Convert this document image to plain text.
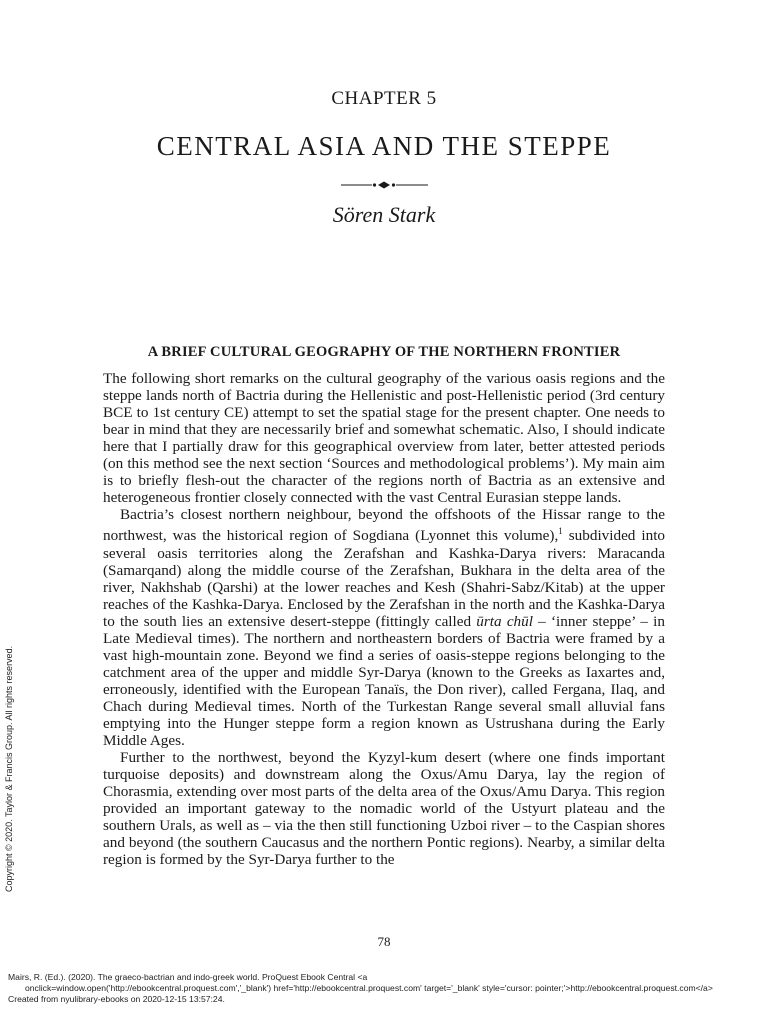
CHAPTER 5
CENTRAL ASIA AND THE STEPPE
Sören Stark
A BRIEF CULTURAL GEOGRAPHY OF THE NORTHERN FRONTIER

The following short remarks on the cultural geography of the various oasis regions and the steppe lands north of Bactria during the Hellenistic and post-Hellenistic period (3rd century BCE to 1st century CE) attempt to set the spatial stage for the present chapter. One needs to bear in mind that they are necessarily brief and somewhat schematic. Also, I should indicate here that I partially draw for this geographical overview from later, better attested periods (on this method see the next section ‘Sources and methodological problems’). My main aim is to briefly flesh-out the character of the regions north of Bactria as an extensive and heterogeneous frontier closely connected with the vast Central Eurasian steppe lands.

Bactria’s closest northern neighbour, beyond the offshoots of the Hissar range to the northwest, was the historical region of Sogdiana (Lyonnet this volume),$^1$ subdivided into several oasis territories along the Zerafshan and Kashka-Darya rivers: Maracanda (Samarqand) along the middle course of the Zerafshan, Bukhara in the delta area of the river, Nakhshab (Qarshi) at the lower reaches and Kesh (Shahri-Sabz/Kitab) at the upper reaches of the Kashka-Darya. Enclosed by the Zerafshan in the north and the Kashka-Darya to the south lies an extensive desert-steppe (fittingly called ūrta chūl – ‘inner steppe’ – in Late Medieval times). The northern and northeastern borders of Bactria were framed by a vast high-mountain zone. Beyond we find a series of oasis-steppe regions belonging to the catchment area of the upper and middle Syr-Darya (known to the Greeks as Iaxartes and, erroneously, identified with the European Tanaïs, the Don river), called Fergana, Ilaq, and Chach during Medieval times. North of the Turkestan Range several small alluvial fans emptying into the Hunger steppe form a region known as Ustrushana during the Early Middle Ages.

Further to the northwest, beyond the Kyzyl-kum desert (where one finds important turquoise deposits) and downstream along the Oxus/Amu Darya, lay the region of Chorasmia, extending over most parts of the delta area of the Oxus/Amu Darya. This region provided an important gateway to the nomadic world of the Ustyurt plateau and the southern Urals, as well as – via the then still functioning Uzboi river – to the Caspian shores and beyond (the southern Caucasus and the northern Pontic regions). Nearby, a similar delta region is formed by the Syr-Darya further to the

78
Copyright © 2020. Taylor & Francis Group. All rights reserved.
Mairs, R. (Ed.). (2020). The graeco-bactrian and indo-greek world. ProQuest Ebook Central <a
onclick=window.open('http://ebookcentral.proquest.com','_blank') href='http://ebookcentral.proquest.com' target='_blank' style='cursor: pointer;'>http://ebookcentral.proquest.com</a>
Created from nyulibrary-ebooks on 2020-12-15 13:57:24.
